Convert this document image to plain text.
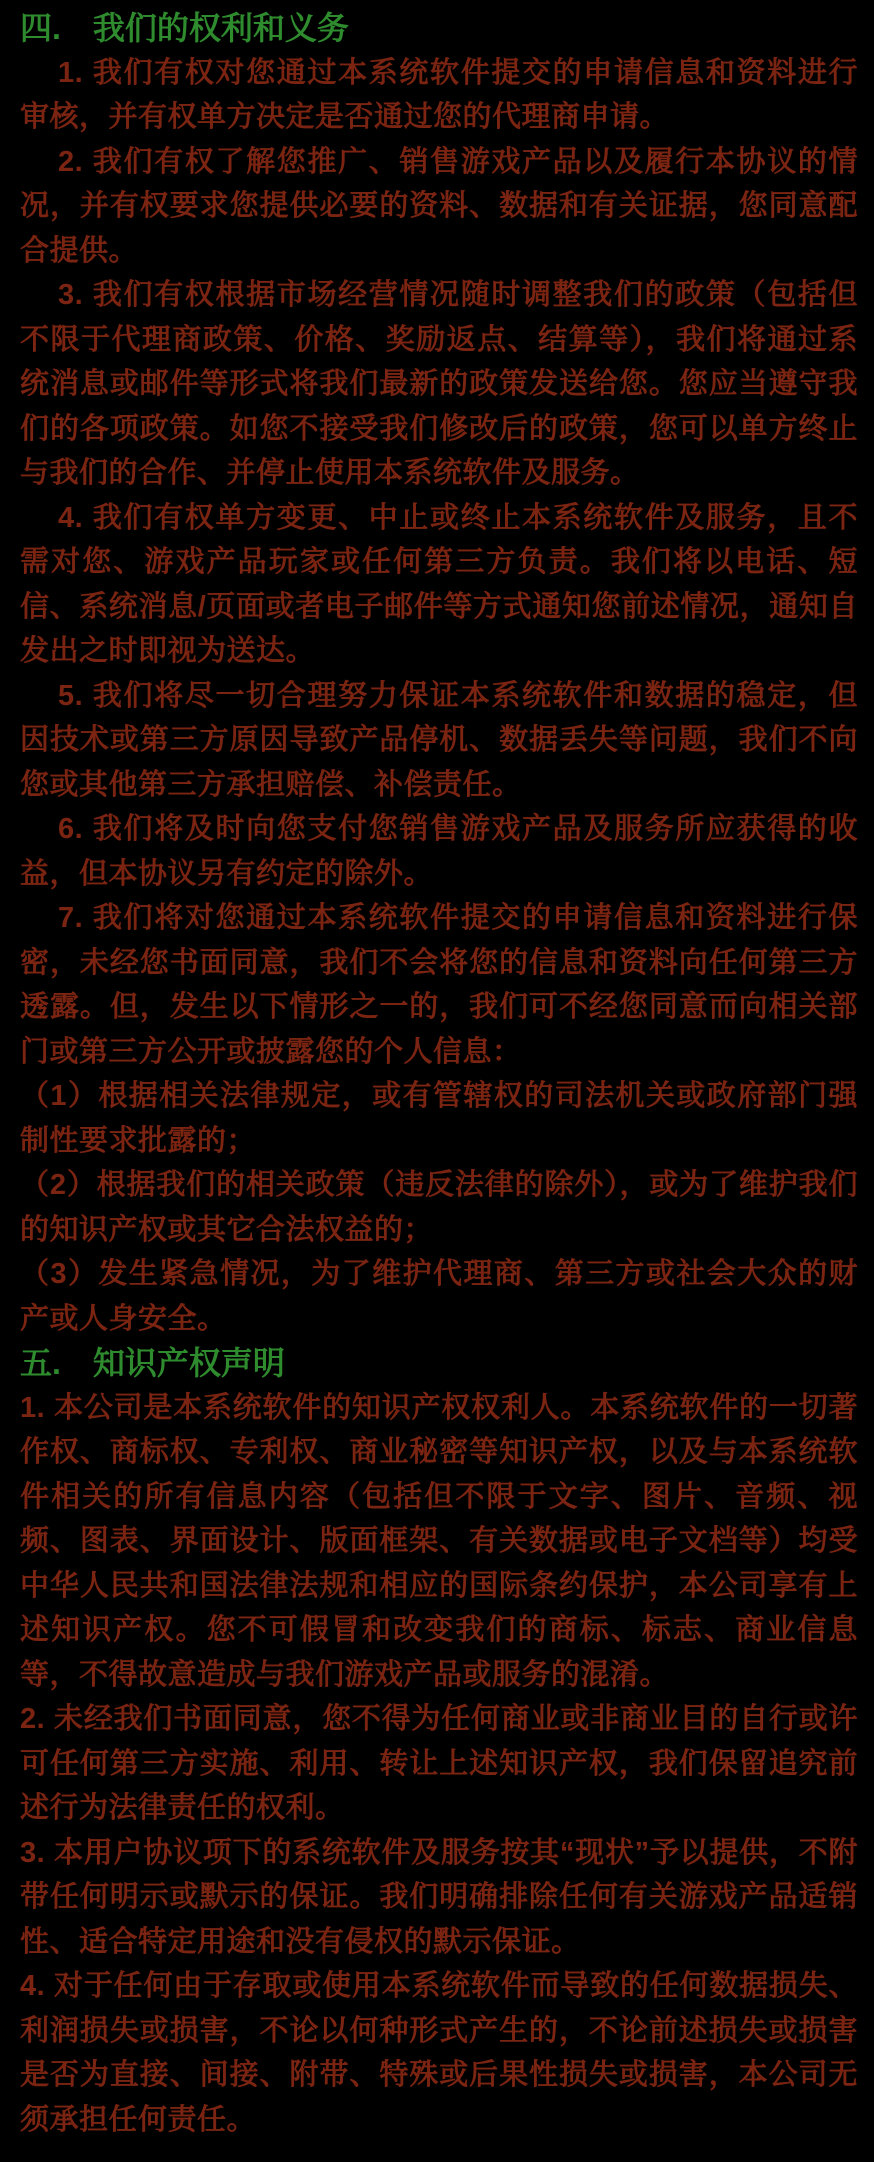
四.　我们的权利和义务

1. 我们有权对您通过本系统软件提交的申请信息和资料进行审核，并有权单方决定是否通过您的代理商申请。

2. 我们有权了解您推广、销售游戏产品以及履行本协议的情况，并有权要求您提供必要的资料、数据和有关证据，您同意配合提供。

3. 我们有权根据市场经营情况随时调整我们的政策（包括但不限于代理商政策、价格、奖励返点、结算等），我们将通过系统消息或邮件等形式将我们最新的政策发送给您。您应当遵守我们的各项政策。如您不接受我们修改后的政策，您可以单方终止与我们的合作、并停止使用本系统软件及服务。

4. 我们有权单方变更、中止或终止本系统软件及服务，且不需对您、游戏产品玩家或任何第三方负责。我们将以电话、短信、系统消息/页面或者电子邮件等方式通知您前述情况，通知自发出之时即视为送达。

5. 我们将尽一切合理努力保证本系统软件和数据的稳定，但因技术或第三方原因导致产品停机、数据丢失等问题，我们不向您或其他第三方承担赔偿、补偿责任。

6. 我们将及时向您支付您销售游戏产品及服务所应获得的收益，但本协议另有约定的除外。

7. 我们将对您通过本系统软件提交的申请信息和资料进行保密，未经您书面同意，我们不会将您的信息和资料向任何第三方透露。但，发生以下情形之一的，我们可不经您同意而向相关部门或第三方公开或披露您的个人信息：

（1）根据相关法律规定，或有管辖权的司法机关或政府部门强制性要求批露的；

（2）根据我们的相关政策（违反法律的除外），或为了维护我们的知识产权或其它合法权益的；

（3）发生紧急情况，为了维护代理商、第三方或社会大众的财产或人身安全。

五.　知识产权声明

1. 本公司是本系统软件的知识产权权利人。本系统软件的一切著作权、商标权、专利权、商业秘密等知识产权，以及与本系统软件相关的所有信息内容（包括但不限于文字、图片、音频、视频、图表、界面设计、版面框架、有关数据或电子文档等）均受中华人民共和国法律法规和相应的国际条约保护，本公司享有上述知识产权。您不可假冒和改变我们的商标、标志、商业信息等，不得故意造成与我们游戏产品或服务的混淆。

2. 未经我们书面同意，您不得为任何商业或非商业目的自行或许可任何第三方实施、利用、转让上述知识产权，我们保留追究前述行为法律责任的权利。

3. 本用户协议项下的系统软件及服务按其“现状”予以提供，不附带任何明示或默示的保证。我们明确排除任何有关游戏产品适销性、适合特定用途和没有侵权的默示保证。

4. 对于任何由于存取或使用本系统软件而导致的任何数据损失、利润损失或损害，不论以何种形式产生的，不论前述损失或损害是否为直接、间接、附带、特殊或后果性损失或损害，本公司无须承担任何责任。
